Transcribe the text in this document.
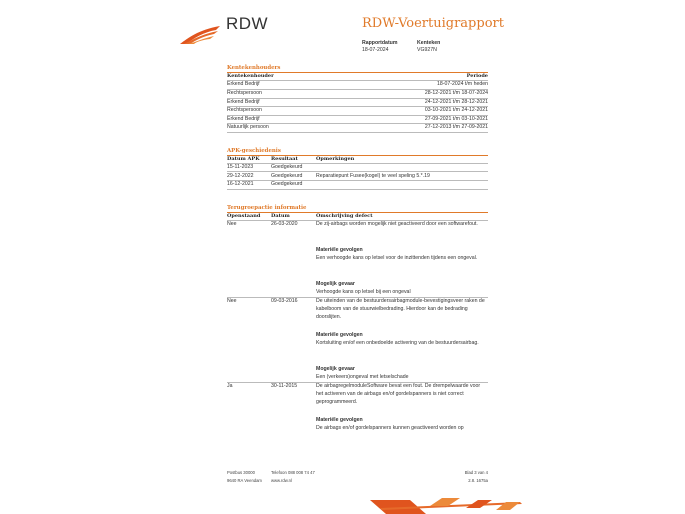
RDW	RDW-Voertuigrapport
Rapportdatum
18-07-2024
Kenteken
VG927N
Kentekenhouders
Kentekenhouder	Periode
Erkend Bedrijf	18-07-2024 t/m heden
Rechtspersoon	28-12-2021 t/m 18-07-2024
Erkend Bedrijf	24-12-2021 t/m 28-12-2021
Rechtspersoon	03-10-2021 t/m 24-12-2021
Erkend Bedrijf	27-09-2021 t/m 03-10-2021
Natuurlijk persoon	27-12-2013 t/m 27-09-2021
APK-geschiedenis
Datum APK Resultaat	Opmerkingen
15-11-2023	Goedgekeurd
29-12-2022	Goedgekeurd	Reparatiepunt Fusee(kogel) te veel speling 5.*.19
16-12-2021	Goedgekeurd
Terugroepactie informatie
Openstaand Datum	Omschrijving defect
Nee	26-03-2020	De zij-airbags worden mogelijk niet geactiveerd door een softwarefout.
Materiële gevolgen
Een verhoogde kans op letsel voor de inzittenden tijdens een ongeval.
Mogelijk gevaar
Verhoogde kans op letsel bij een ongeval
Nee	09-03-2016	De uiteinden van de bestuurdersairbagmodule-bevestigingsveer raken de kabelboom van de stuurwielbedrading. Hierdoor kan de bedrading doorslijten.
Materiële gevolgen
Kortsluiting en/of een onbedoelde activering van de bestuurdersairbag.
Mogelijk gevaar
Een (verkeers)ongeval met letselschade
Ja	30-11-2015	De airbagregelmoduleSoftware bevat een fout. De drempelwaarde voor het activeren van de airbags en/of gordelspanners is niet correct geprogrammeerd.
Materiële gevolgen
De airbags en/of gordelspanners kunnen geactiveerd worden op
Postbus 30000
9640 RA Veendam
Telefoon 088 008 74 47
www.rdw.nl
Blad 3 van 4
2.8. 1675a
